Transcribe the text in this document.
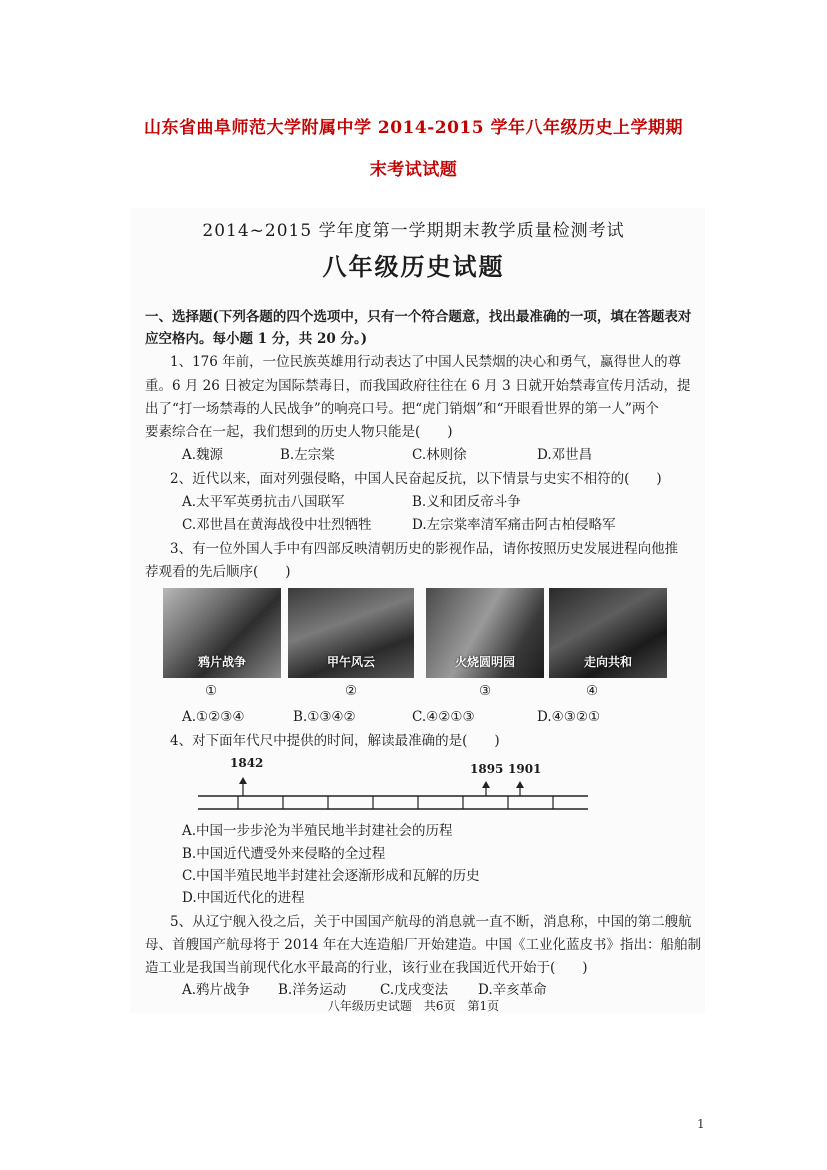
山东省曲阜师范大学附属中学 2014-2015 学年八年级历史上学期期
末考试试题
2014~2015 学年度第一学期期末教学质量检测考试
八年级历史试题
一、选择题(下列各题的四个选项中，只有一个符合题意，找出最准确的一项，填在答题表对
应空格内。每小题 1 分，共 20 分。)
1、176 年前，一位民族英雄用行动表达了中国人民禁烟的决心和勇气，赢得世人的尊
重。6 月 26 日被定为国际禁毒日，而我国政府往往在 6 月 3 日就开始禁毒宣传月活动，提
出了“打一场禁毒的人民战争”的响亮口号。把“虎门销烟”和“开眼看世界的第一人”两个
要素综合在一起，我们想到的历史人物只能是(　　)
A.魏源	B.左宗棠	C.林则徐	D.邓世昌
2、近代以来，面对列强侵略，中国人民奋起反抗，以下情景与史实不相符的(　　)
A.太平军英勇抗击八国联军	B.义和团反帝斗争
C.邓世昌在黄海战役中壮烈牺牲	D.左宗棠率清军痛击阿古柏侵略军
3、有一位外国人手中有四部反映清朝历史的影视作品，请你按照历史发展进程向他推
荐观看的先后顺序(　　)
鸦片战争	甲午风云	火烧圆明园	走向共和
①	②	③	④
A.①②③④	B.①③④②	C.④②①③	D.④③②①
4、对下面年代尺中提供的时间，解读最准确的是(　　)
1842	1895 1901
A.中国一步步沦为半殖民地半封建社会的历程
B.中国近代遭受外来侵略的全过程
C.中国半殖民地半封建社会逐渐形成和瓦解的历史
D.中国近代化的进程
5、从辽宁舰入役之后，关于中国国产航母的消息就一直不断，消息称，中国的第二艘航
母、首艘国产航母将于 2014 年在大连造船厂开始建造。中国《工业化蓝皮书》指出：船舶制
造工业是我国当前现代化水平最高的行业，该行业在我国近代开始于(　　)
A.鸦片战争 B.洋务运动	C.戊戌变法 D.辛亥革命
八年级历史试题　共6页　第1页
1
